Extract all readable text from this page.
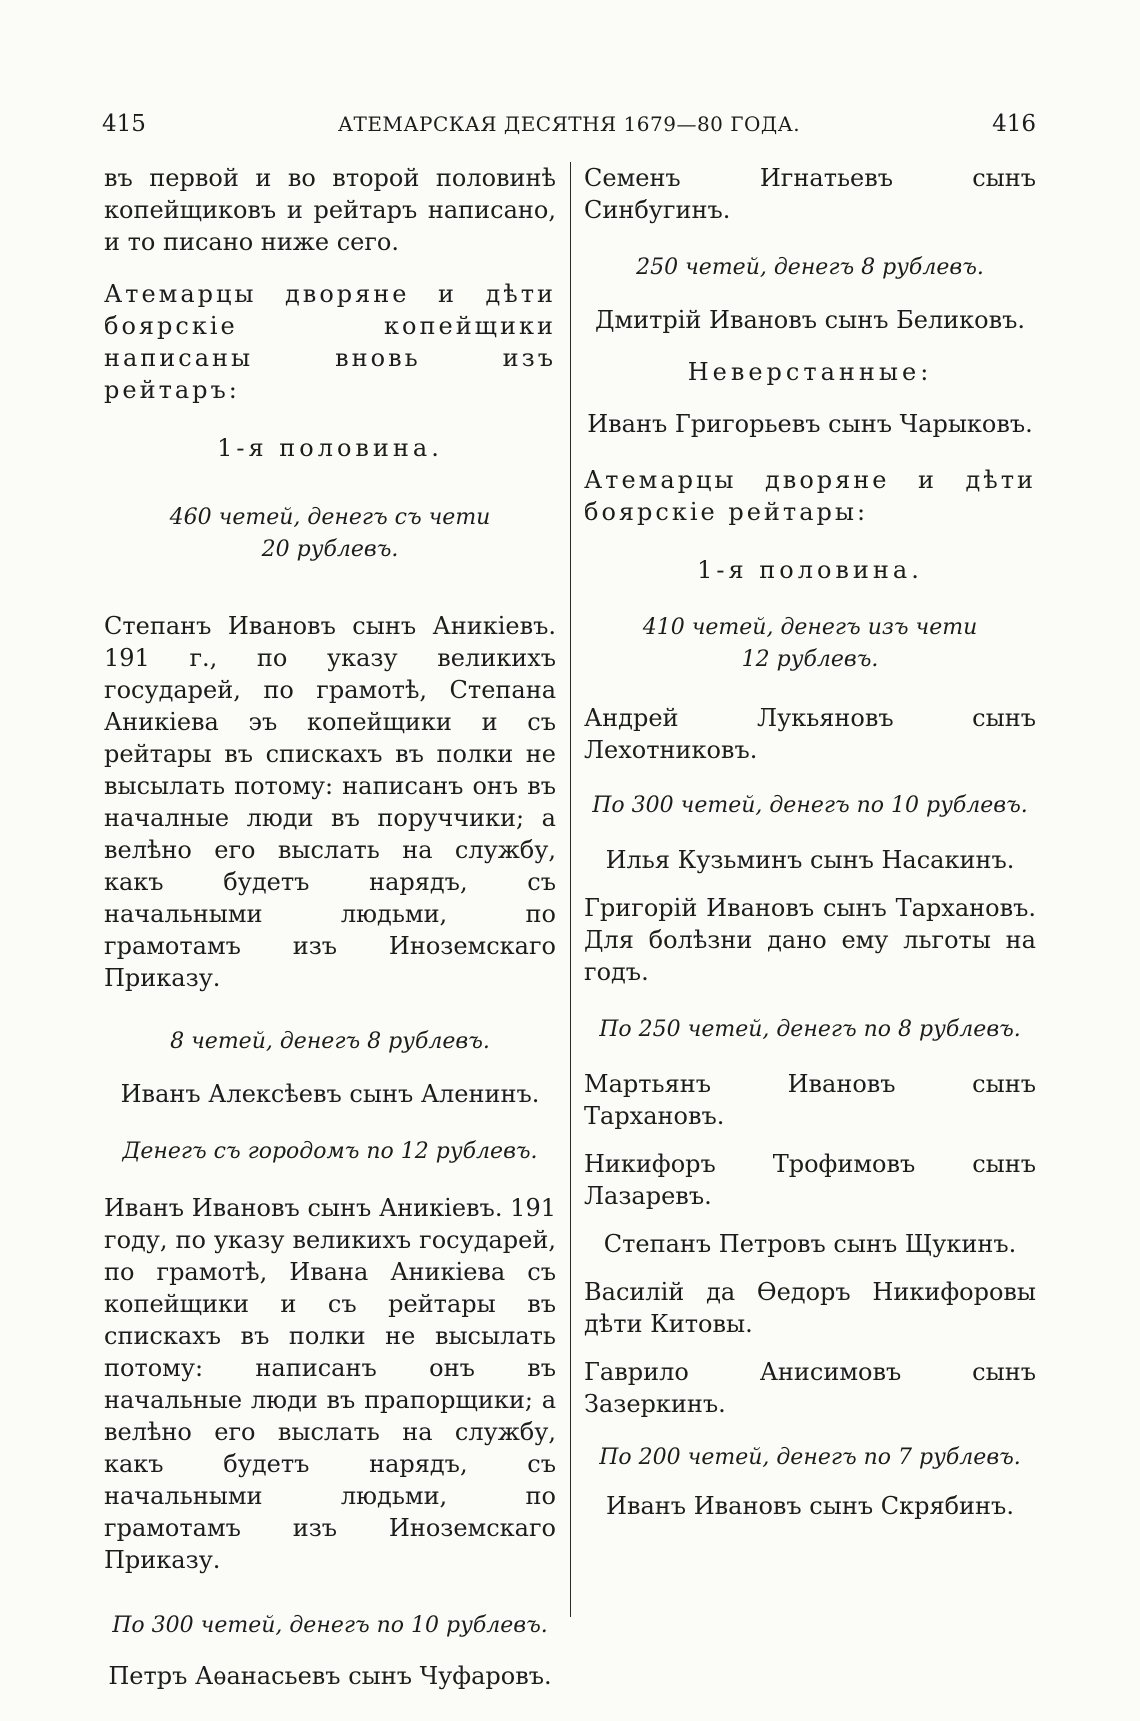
415	АТЕМАРСКАЯ ДЕСЯТНЯ 1679—80 ГОДА.	416

въ первой и во второй половинѣ копейщиковъ и рейтаръ написано, и то писано ниже сего.

Атемарцы дворяне и дѣти боярскіе копейщики написаны вновь изъ рейтаръ:

1-я половина.

460 четей, денегъ съ чети

20 рублевъ.

Степанъ Ивановъ сынъ Аникіевъ. 191 г., по указу великихъ государей, по грамотѣ, Степана Аникіева эъ копейщики и съ рейтары въ спискахъ въ полки не высылать потому: написанъ онъ въ началные люди въ поруччики; а велѣно его выслать на службу, какъ будетъ нарядъ, съ начальными людьми, по грамотамъ изъ Иноземскаго Приказу.

8 четей, денегъ 8 рублевъ.

Иванъ Алексѣевъ сынъ Аленинъ.

Денегъ съ городомъ по 12 рублевъ.

Иванъ Ивановъ сынъ Аникіевъ. 191 году, по указу великихъ государей, по грамотѣ, Ивана Аникіева съ копейщики и съ рейтары въ спискахъ въ полки не высылать потому: написанъ онъ въ начальные люди въ прапорщики; а велѣно его выслать на службу, какъ будетъ нарядъ, съ начальными людьми, по грамотамъ изъ Иноземскаго Приказу.

По 300 четей, денегъ по 10 рублевъ.

Петръ Аѳанасьевъ сынъ Чуфаровъ.

Семенъ Игнатьевъ сынъ Синбугинъ.

250 четей, денегъ 8 рублевъ.

Дмитрій Ивановъ сынъ Беликовъ.

Неверстанные:

Иванъ Григорьевъ сынъ Чарыковъ.

Атемарцы дворяне и дѣти боярскіе рейтары:

1-я половина.

410 четей, денегъ изъ чети

12 рублевъ.

Андрей Лукьяновъ сынъ Лехотниковъ.

По 300 четей, денегъ по 10 рублевъ.

Илья Кузьминъ сынъ Насакинъ.

Григорій Ивановъ сынъ Тархановъ. Для болѣзни дано ему льготы на годъ.

По 250 четей, денегъ по 8 рублевъ.

Мартьянъ Ивановъ сынъ Тархановъ.

Никифоръ Трофимовъ сынъ Лазаревъ.

Степанъ Петровъ сынъ Щукинъ.

Василій да Ѳедоръ Никифоровы дѣти Китовы.

Гаврило Анисимовъ сынъ Зазеркинъ.

По 200 четей, денегъ по 7 рублевъ.

Иванъ Ивановъ сынъ Скрябинъ.
